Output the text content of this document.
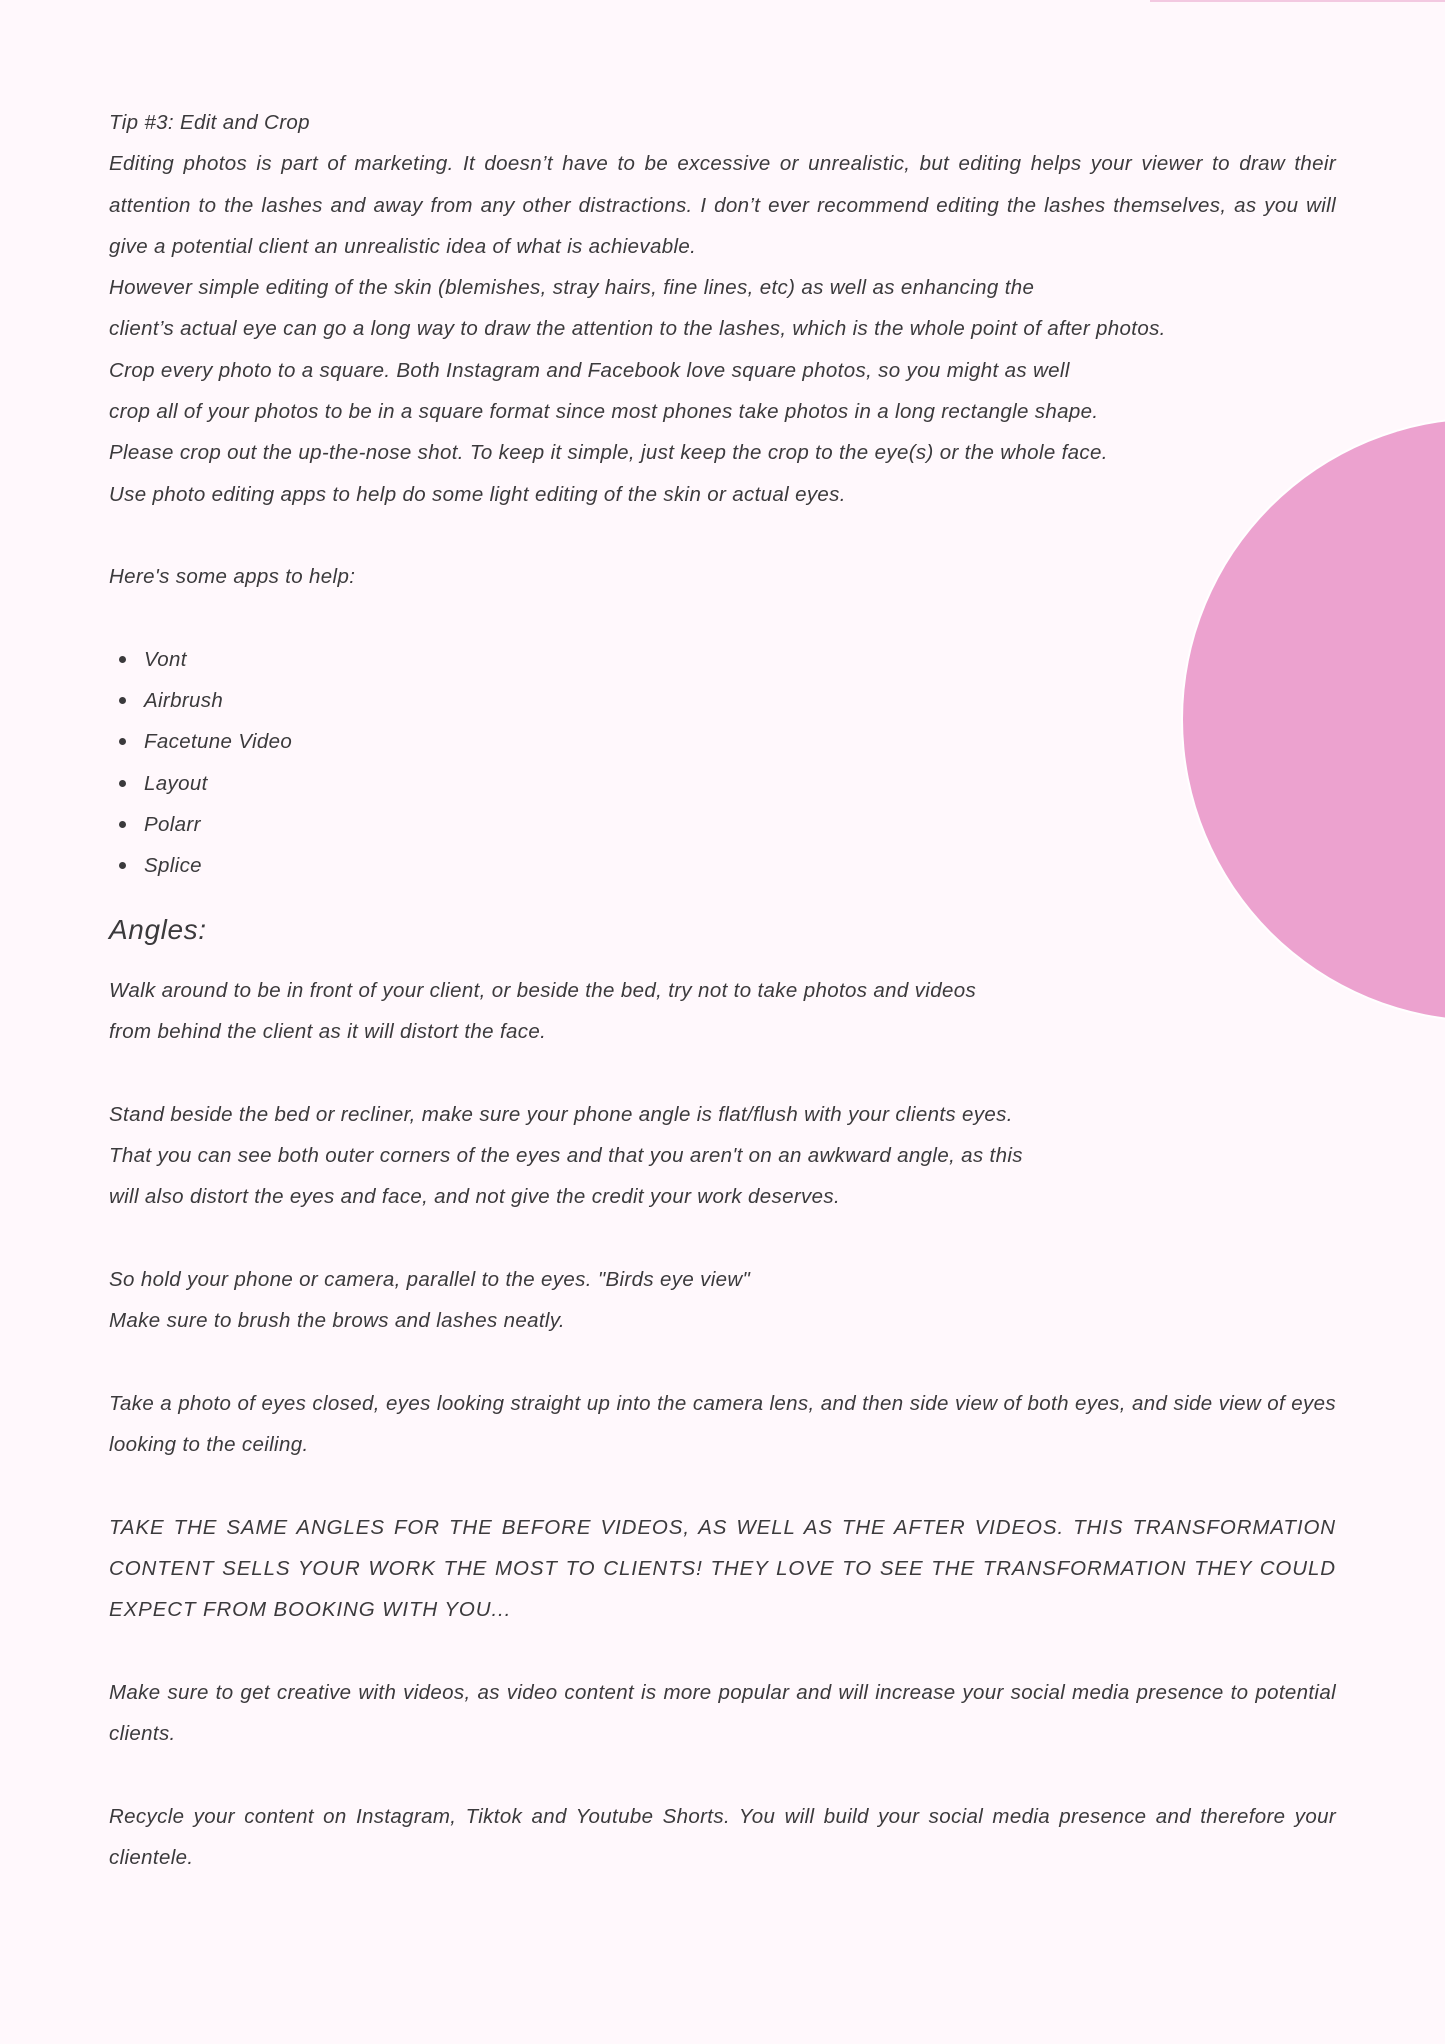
Tip #3: Edit and Crop

Editing photos is part of marketing. It doesn’t have to be excessive or unrealistic, but editing helps your viewer to draw their attention to the lashes and away from any other distractions. I don’t ever recommend editing the lashes themselves, as you will give a potential client an unrealistic idea of what is achievable.

However simple editing of the skin (blemishes, stray hairs, fine lines, etc) as well as enhancing the
client’s actual eye can go a long way to draw the attention to the lashes, which is the whole point of after photos.
Crop every photo to a square. Both Instagram and Facebook love square photos, so you might as well
crop all of your photos to be in a square format since most phones take photos in a long rectangle shape.
Please crop out the up-the-nose shot. To keep it simple, just keep the crop to the eye(s) or the whole face.
Use photo editing apps to help do some light editing of the skin or actual eyes.
Here's some apps to help:
Vont
Airbrush
Facetune Video
Layout
Polarr
Splice
Angles:
Walk around to be in front of your client, or beside the bed, try not to take photos and videos
from behind the client as it will distort the face.
Stand beside the bed or recliner, make sure your phone angle is flat/flush with your clients eyes.
That you can see both outer corners of the eyes and that you aren't on an awkward angle, as this
will also distort the eyes and face, and not give the credit your work deserves.
So hold your phone or camera, parallel to the eyes. "Birds eye view"
Make sure to brush the brows and lashes neatly.

Take a photo of eyes closed, eyes looking straight up into the camera lens, and then side view of both eyes, and side view of eyes looking to the ceiling.

TAKE THE SAME ANGLES FOR THE BEFORE VIDEOS, AS WELL AS THE AFTER VIDEOS. THIS TRANSFORMATION CONTENT SELLS YOUR WORK THE MOST TO CLIENTS! THEY LOVE TO SEE THE TRANSFORMATION THEY COULD EXPECT FROM BOOKING WITH YOU...

Make sure to get creative with videos, as video content is more popular and will increase your social media presence to potential clients.

Recycle your content on Instagram, Tiktok and Youtube Shorts. You will build your social media presence and therefore your clientele.
